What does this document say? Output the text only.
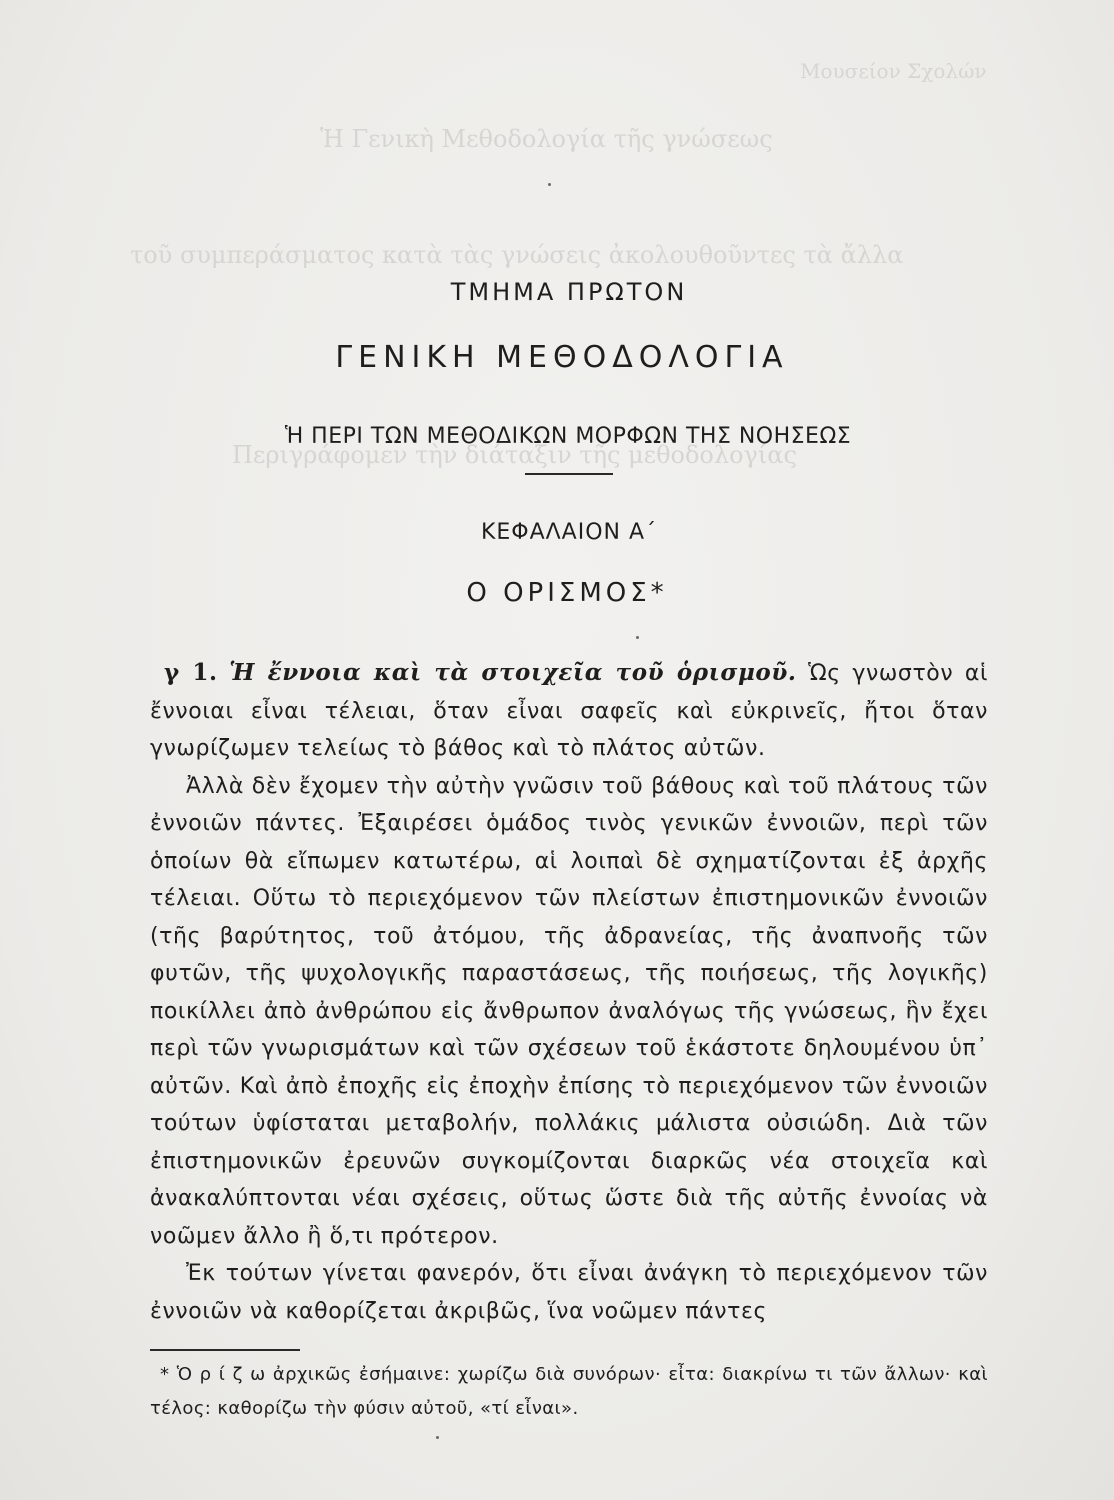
Μουσείον Σχολών
Ἡ Γενικὴ Μεθοδολογία τῆς γνώσεως
τοῦ συμπεράσματος κατὰ τὰς γνώσεις ἀκολουθοῦντες τὰ ἄλλα
Περιγράφομεν τὴν διάταξιν τῆς μεθοδολογίας
ΤΜΗΜΑ ΠΡΩΤΟΝ
ΓΕΝΙΚΗ ΜΕΘΟΔΟΛΟΓΙΑ
Ἡ ΠΕΡΙ ΤΩΝ ΜΕΘΟΔΙΚΩΝ ΜΟΡΦΩΝ ΤΗΣ ΝΟΗΣΕΩΣ
ΚΕΦΑΛΑΙΟΝ Α΄
Ο ΟΡΙΣΜΟΣ*

γ 1. Ἡ ἔννοια καὶ τὰ στοιχεῖα τοῦ ὁρισμοῦ. Ὡς γνωστὸν αἱ ἔννοιαι εἶναι τέλειαι, ὅταν εἶναι σαφεῖς καὶ εὐκρινεῖς, ἤτοι ὅταν γνωρίζωμεν τελείως τὸ βάθος καὶ τὸ πλάτος αὐτῶν.

Ἀλλὰ δὲν ἔχομεν τὴν αὐτὴν γνῶσιν τοῦ βάθους καὶ τοῦ πλάτους τῶν ἐννοιῶν πάντες. Ἐξαιρέσει ὁμάδος τινὸς γενικῶν ἐννοιῶν, περὶ τῶν ὁποίων θὰ εἴπωμεν κατωτέρω, αἱ λοιπαὶ δὲ σχηματίζονται ἐξ ἀρχῆς τέλειαι. Οὕτω τὸ περιεχόμενον τῶν πλείστων ἐπιστημονικῶν ἐννοιῶν (τῆς βαρύτητος, τοῦ ἀτόμου, τῆς ἀδρανείας, τῆς ἀναπνοῆς τῶν φυτῶν, τῆς ψυχολογικῆς παραστάσεως, τῆς ποιήσεως, τῆς λογικῆς) ποικίλλει ἀπὸ ἀνθρώπου εἰς ἄνθρωπον ἀναλόγως τῆς γνώσεως, ἣν ἔχει περὶ τῶν γνωρισμάτων καὶ τῶν σχέσεων τοῦ ἑκάστοτε δηλουμένου ὑπ᾿ αὐτῶν. Καὶ ἀπὸ ἐποχῆς εἰς ἐποχὴν ἐπίσης τὸ περιεχόμενον τῶν ἐννοιῶν τούτων ὑφίσταται μεταβολήν, πολλάκις μάλιστα οὐσιώδη. Διὰ τῶν ἐπιστημονικῶν ἐρευνῶν συγκομίζονται διαρκῶς νέα στοιχεῖα καὶ ἀνακαλύπτονται νέαι σχέσεις, οὕτως ὥστε διὰ τῆς αὐτῆς ἐννοίας νὰ νοῶμεν ἄλλο ἢ ὅ,τι πρότερον.

Ἐκ τούτων γίνεται φανερόν, ὅτι εἶναι ἀνάγκη τὸ περιεχόμενον τῶν ἐννοιῶν νὰ καθορίζεται ἀκριβῶς, ἵνα νοῶμεν πάντες

* Ὁ ρ ί ζ ω ἀρχικῶς ἐσήμαινε: χωρίζω διὰ συνόρων· εἶτα: διακρίνω τι τῶν ἄλλων· καὶ τέλος: καθορίζω τὴν φύσιν αὐτοῦ, «τί εἶναι».
